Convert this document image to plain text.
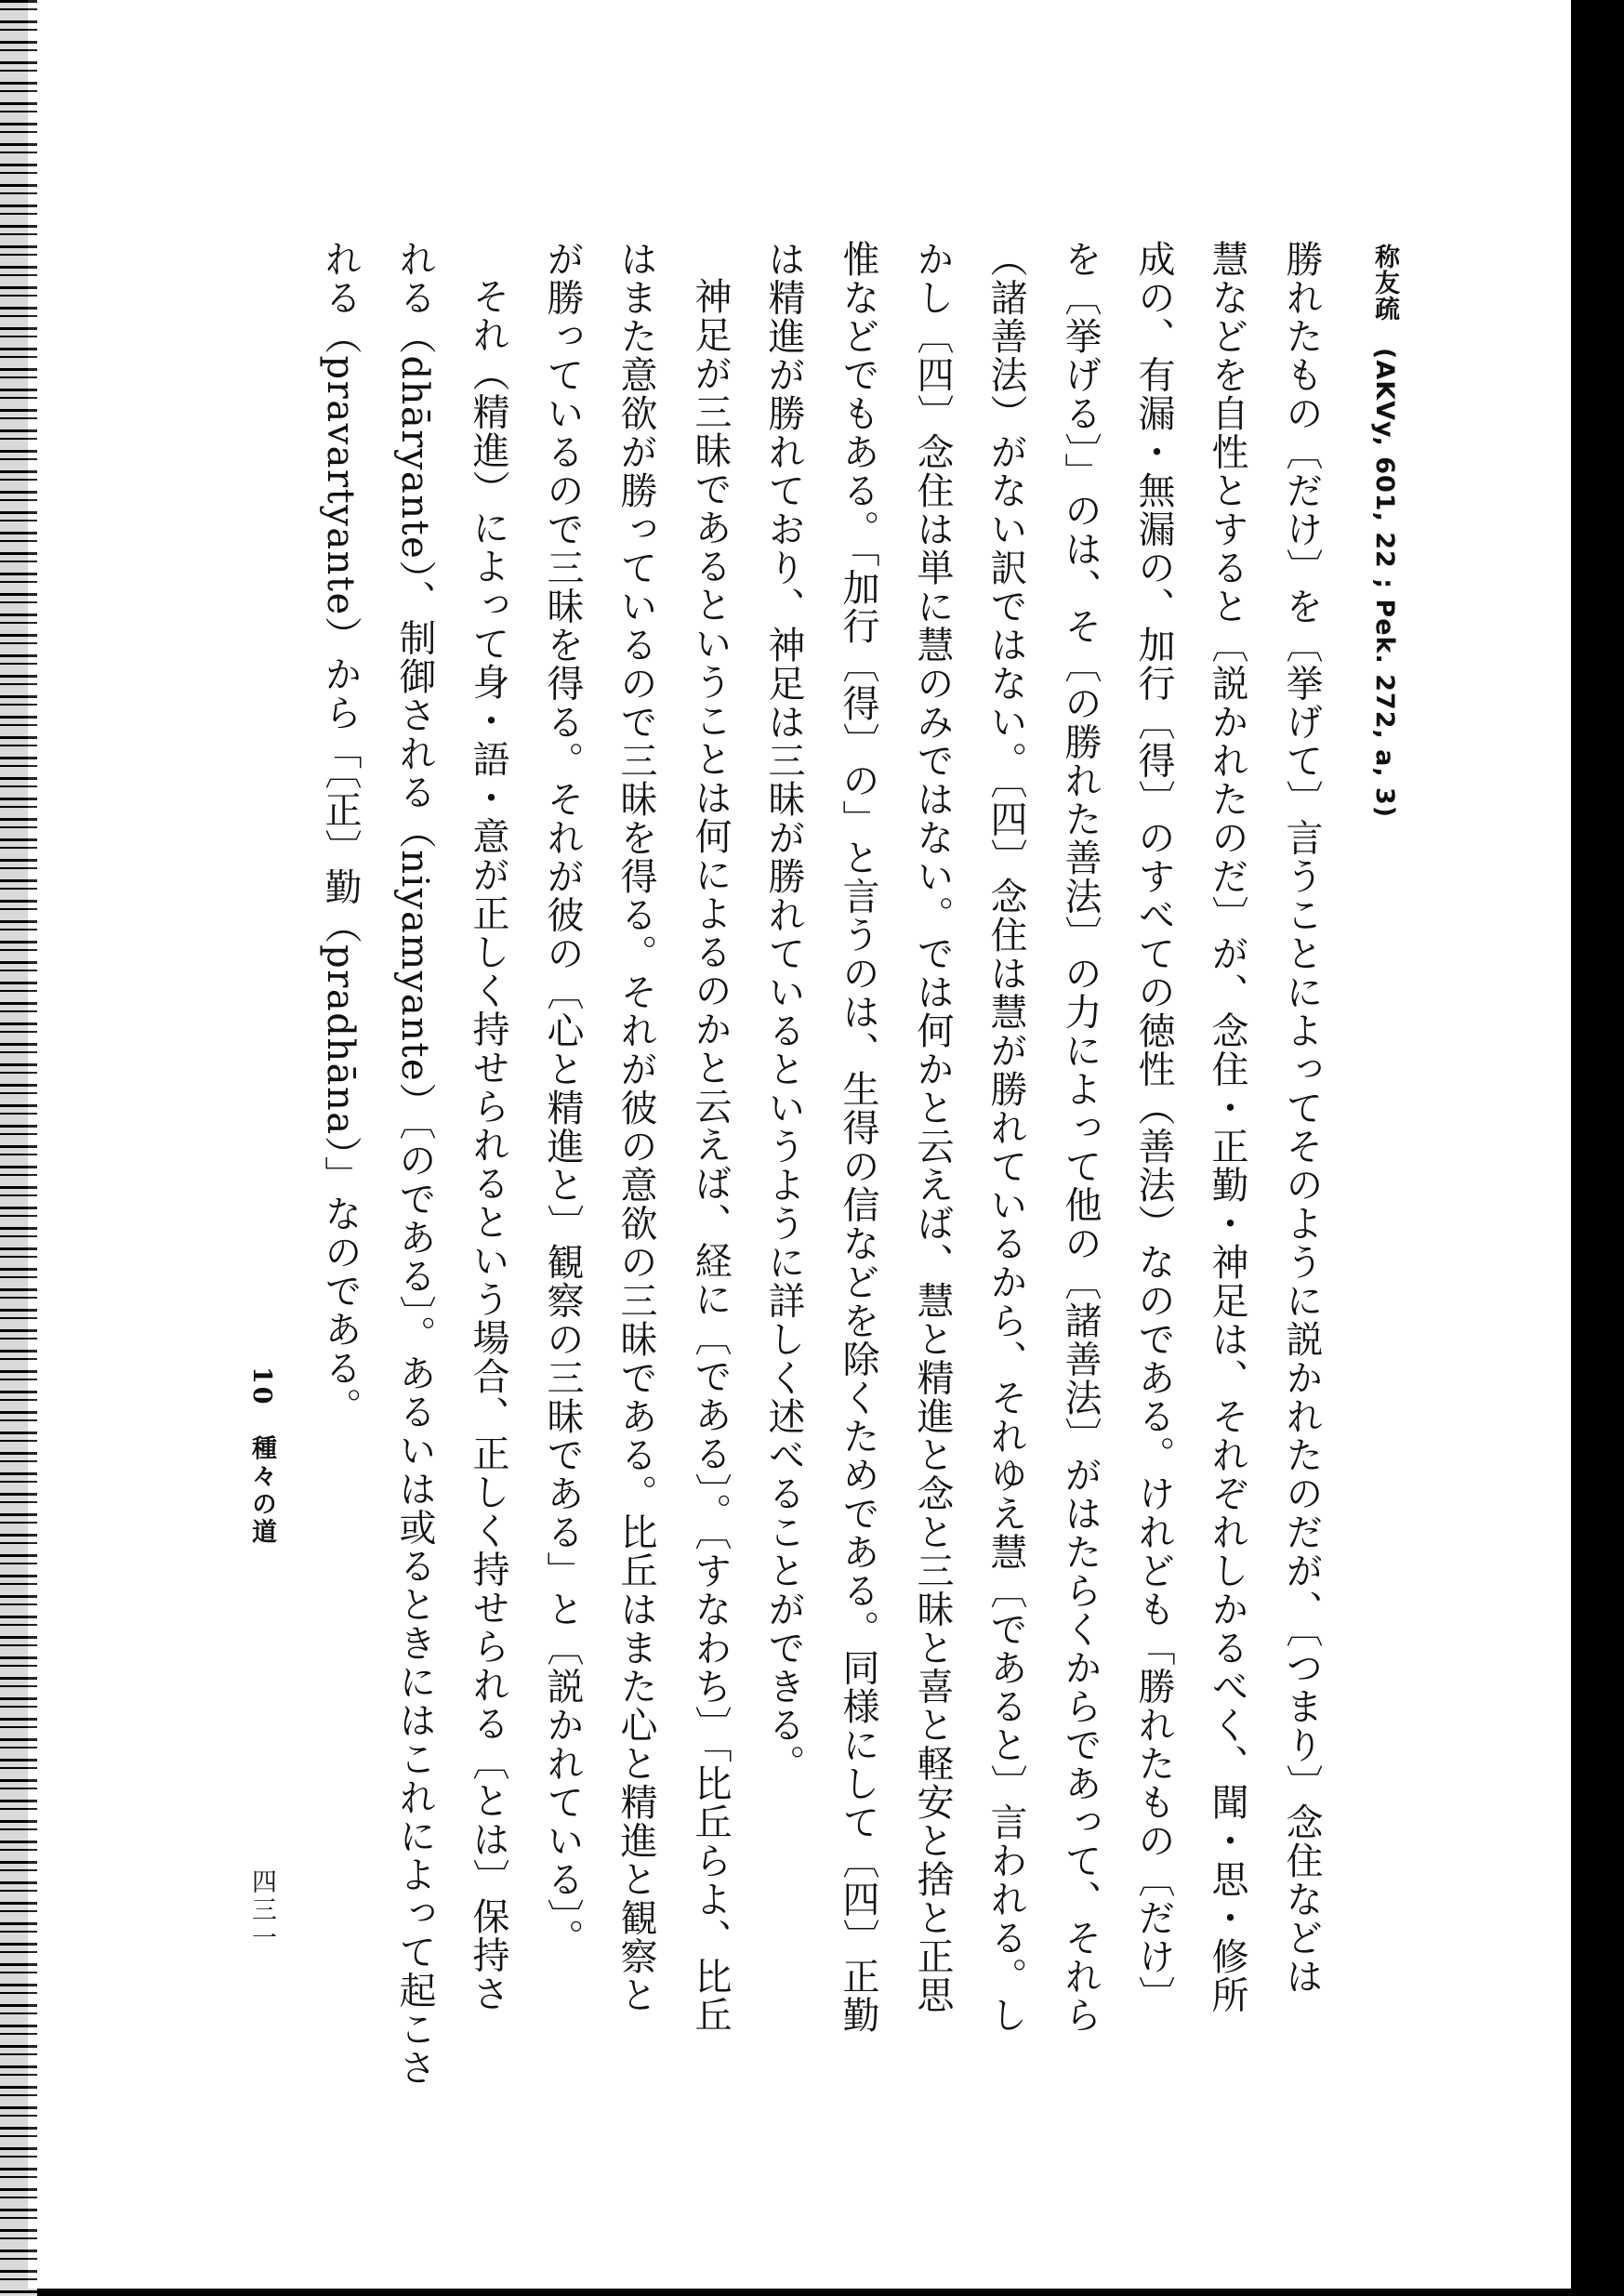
称友疏　(AKVy, 601, 22 ; Pek. 272, a, 3)
勝れたもの〔だけ〕を〔挙げて〕言うことによってそのように説かれたのだが、〔つまり〕念住などは
慧などを自性とすると〔説かれたのだ〕が、念住・正勤・神足は、それぞれしかるべく、聞・思・修所
成の、有漏・無漏の、加行〔得〕のすべての徳性（善法）なのである。けれども「勝れたもの〔だけ〕
を〔挙げる〕」のは、そ〔の勝れた善法〕の力によって他の〔諸善法〕がはたらくからであって、それら
（諸善法）がない訳ではない。〔四〕念住は慧が勝れているから、それゆえ慧〔であると〕言われる。し
かし〔四〕念住は単に慧のみではない。では何かと云えば、慧と精進と念と三昧と喜と軽安と捨と正思
惟などでもある。「加行〔得〕の」と言うのは、生得の信などを除くためである。同様にして〔四〕正勤
は精進が勝れており、神足は三昧が勝れているというように詳しく述べることができる。
神足が三昧であるということは何によるのかと云えば、経に〔である〕。〔すなわち〕「比丘らよ、比丘
はまた意欲が勝っているので三昧を得る。それが彼の意欲の三昧である。比丘はまた心と精進と観察と
が勝っているので三昧を得る。それが彼の〔心と精進と〕観察の三昧である」と〔説かれている〕。
それ（精進）によって身・語・意が正しく持せられるという場合、正しく持せられる〔とは〕保持さ
れる（dhāryante）、制御される（niyamyante）〔のである〕。あるいは或るときにはこれによって起こさ
れる（pravartyante）から「〔正〕勤（pradhāna）」なのである。
10　種々の道
四三一
